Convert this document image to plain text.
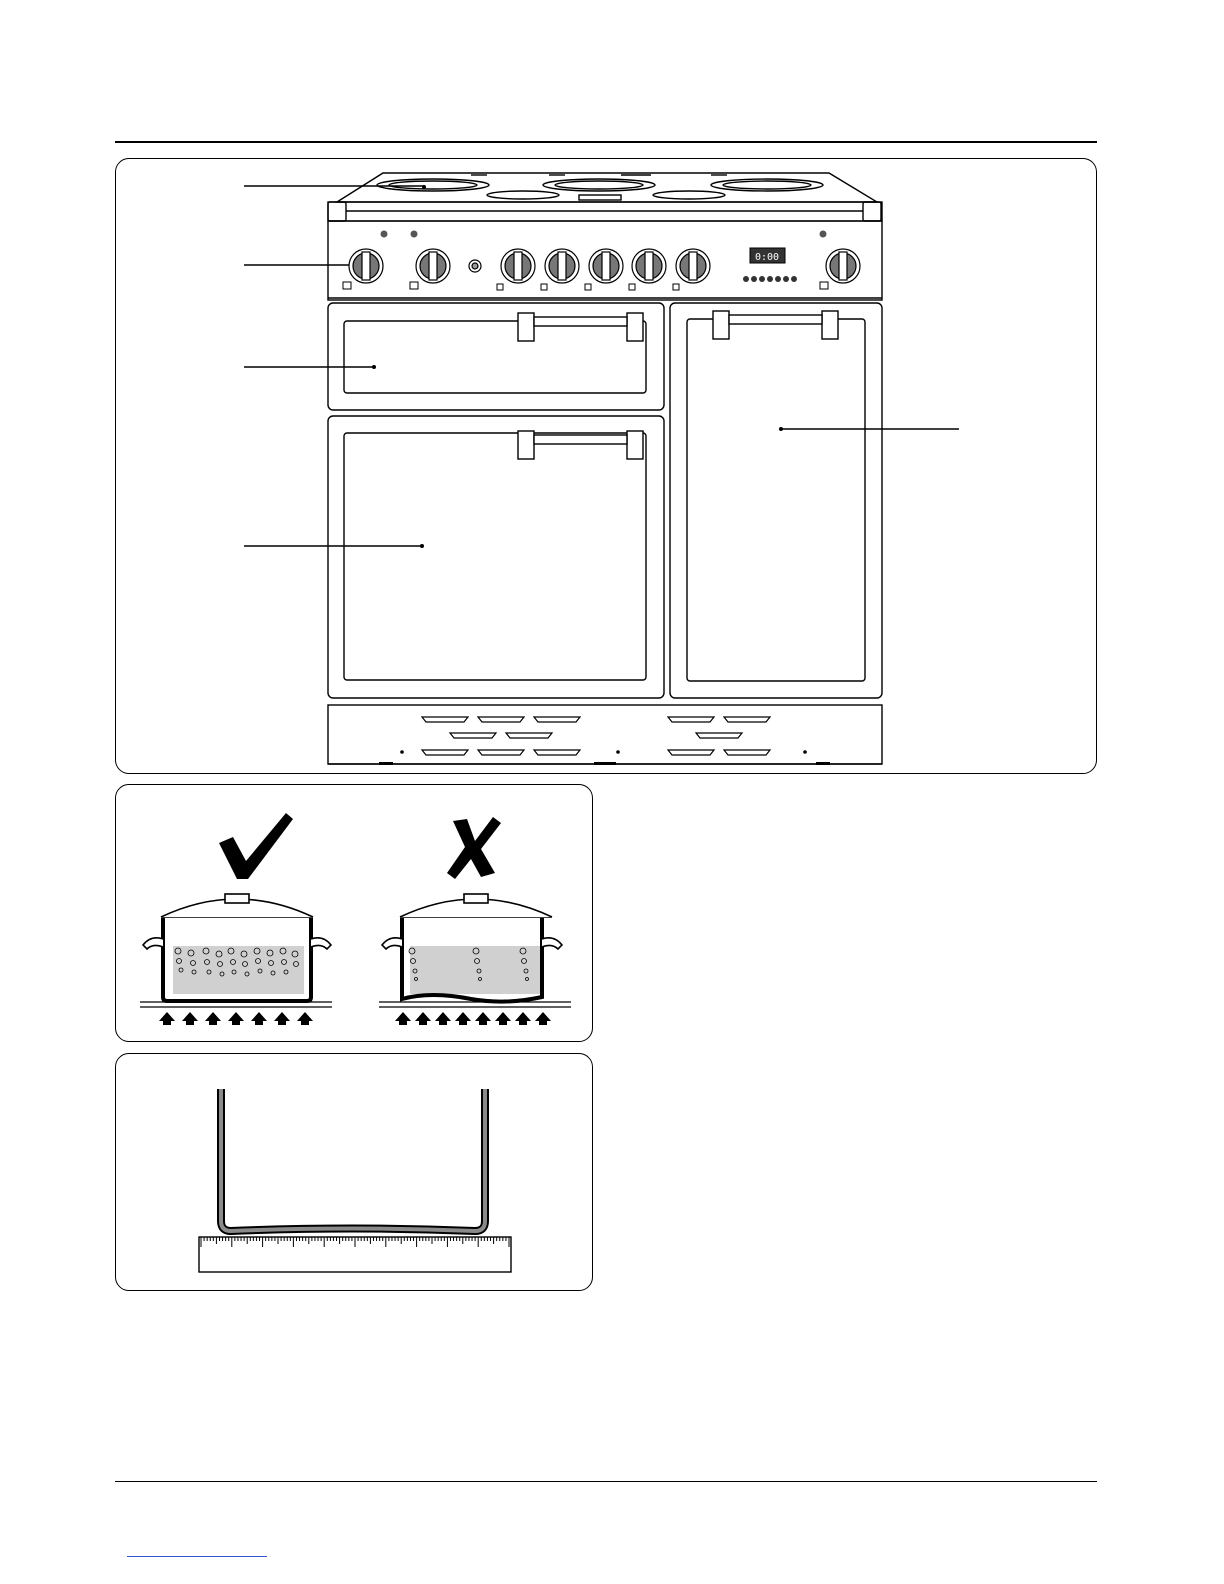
0:00
